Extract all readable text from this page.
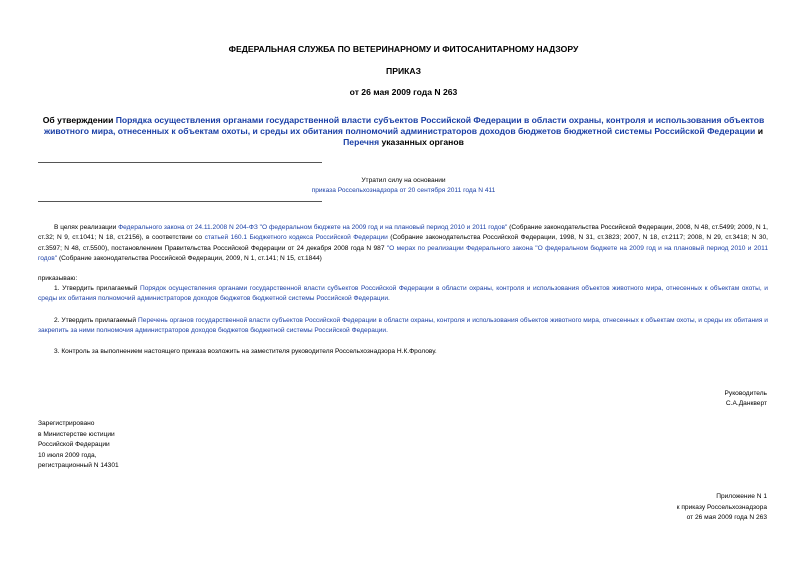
ФЕДЕРАЛЬНАЯ СЛУЖБА ПО ВЕТЕРИНАРНОМУ И ФИТОСАНИТАРНОМУ НАДЗОРУ
ПРИКАЗ
от 26 мая 2009 года N 263
Об утверждении Порядка осуществления органами государственной власти субъектов Российской Федерации в области охраны, контроля и использования объектов животного мира, отнесенных к объектам охоты, и среды их обитания полномочий администраторов доходов бюджетов бюджетной системы Российской Федерации и Перечня указанных органов
Утратил силу на основании
приказа Россельхознадзора от 20 сентября 2011 года N 411
В целях реализации Федерального закона от 24.11.2008 N 204-ФЗ "О федеральном бюджете на 2009 год и на плановый период 2010 и 2011 годов" (Собрание законодательства Российской Федерации, 2008, N 48, ст.5499; 2009, N 1, ст.32; N 9, ст.1041; N 18, ст.2156), в соответствии со статьей 160.1 Бюджетного кодекса Российской Федерации (Собрание законодательства Российской Федерации, 1998, N 31, ст.3823; 2007, N 18, ст.2117; 2008, N 29, ст.3418; N 30, ст.3597; N 48, ст.5500), постановлением Правительства Российской Федерации от 24 декабря 2008 года N 987 "О мерах по реализации Федерального закона "О федеральном бюджете на 2009 год и на плановый период 2010 и 2011 годов" (Собрание законодательства Российской Федерации, 2009, N 1, ст.141; N 15, ст.1844)
приказываю:
1. Утвердить прилагаемый Порядок осуществления органами государственной власти субъектов Российской Федерации в области охраны, контроля и использования объектов животного мира, отнесенных к объектам охоты, и среды их обитания полномочий администраторов доходов бюджетов бюджетной системы Российской Федерации.
2. Утвердить прилагаемый Перечень органов государственной власти субъектов Российской Федерации в области охраны, контроля и использования объектов животного мира, отнесенных к объектам охоты, и среды их обитания и закрепить за ними полномочия администраторов доходов бюджетов бюджетной системы Российской Федерации.
3. Контроль за выполнением настоящего приказа возложить на заместителя руководителя Россельхознадзора Н.К.Фролову.
Руководитель
С.А.Данкверт
Зарегистрировано
в Министерстве юстиции
Российской Федерации
10 июля 2009 года,
регистрационный N 14301
Приложение N 1
к приказу Россельхознадзора
от 26 мая 2009 года N 263
